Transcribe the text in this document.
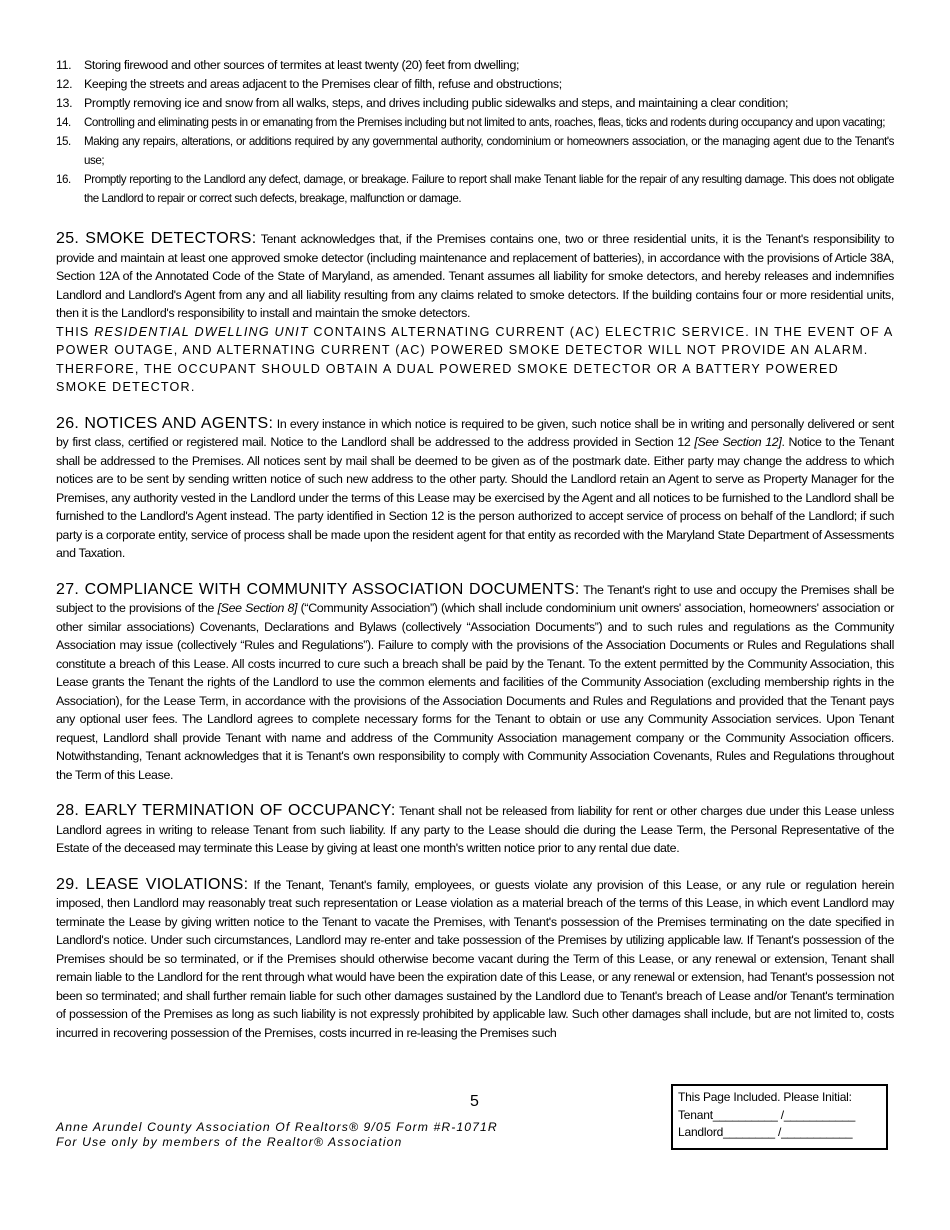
11.	Storing firewood and other sources of termites at least twenty (20) feet from dwelling;
12. Keeping the streets and areas adjacent to the Premises clear of filth, refuse and obstructions;
13. Promptly removing ice and snow from all walks, steps, and drives including public sidewalks and steps, and maintaining a clear condition;
14.	Controlling and eliminating pests in or emanating from the Premises including but not limited to ants, roaches, fleas, ticks and rodents during occupancy and upon vacating;
15.	Making any repairs, alterations, or additions required by any governmental authority, condominium or homeowners association, or the managing agent due to the Tenant's use;
16.	Promptly reporting to the Landlord any defect, damage, or breakage. Failure to report shall make Tenant liable for the repair of any resulting damage. This does not obligate the Landlord to repair or correct such defects, breakage, malfunction or damage.

25. SMOKE DETECTORS: Tenant acknowledges that, if the Premises contains one, two or three residential units, it is the Tenant's responsibility to provide and maintain at least one approved smoke detector (including maintenance and replacement of batteries), in accordance with the provisions of Article 38A, Section 12A of the Annotated Code of the State of Maryland, as amended. Tenant assumes all liability for smoke detectors, and hereby releases and indemnifies Landlord and Landlord's Agent from any and all liability resulting from any claims related to smoke detectors. If the building contains four or more residential units, then it is the Landlord's responsibility to install and maintain the smoke detectors.
THIS RESIDENTIAL DWELLING UNIT CONTAINS ALTERNATING CURRENT (AC) ELECTRIC SERVICE. IN THE EVENT OF A POWER OUTAGE, AND ALTERNATING CURRENT (AC) POWERED SMOKE DETECTOR WILL NOT PROVIDE AN ALARM. THERFORE, THE OCCUPANT SHOULD OBTAIN A DUAL POWERED SMOKE DETECTOR OR A BATTERY POWERED SMOKE DETECTOR.

26. NOTICES AND AGENTS: In every instance in which notice is required to be given, such notice shall be in writing and personally delivered or sent by first class, certified or registered mail. Notice to the Landlord shall be addressed to the address provided in Section 12 [See Section 12]. Notice to the Tenant shall be addressed to the Premises. All notices sent by mail shall be deemed to be given as of the postmark date. Either party may change the address to which notices are to be sent by sending written notice of such new address to the other party. Should the Landlord retain an Agent to serve as Property Manager for the Premises, any authority vested in the Landlord under the terms of this Lease may be exercised by the Agent and all notices to be furnished to the Landlord shall be furnished to the Landlord's Agent instead. The party identified in Section 12 is the person authorized to accept service of process on behalf of the Landlord; if such party is a corporate entity, service of process shall be made upon the resident agent for that entity as recorded with the Maryland State Department of Assessments and Taxation.

27. COMPLIANCE WITH COMMUNITY ASSOCIATION DOCUMENTS: The Tenant's right to use and occupy the Premises shall be subject to the provisions of the [See Section 8] (“Community Association”) (which shall include condominium unit owners' association, homeowners' association or other similar associations) Covenants, Declarations and Bylaws (collectively “Association Documents”) and to such rules and regulations as the Community Association may issue (collectively “Rules and Regulations”). Failure to comply with the provisions of the Association Documents or Rules and Regulations shall constitute a breach of this Lease. All costs incurred to cure such a breach shall be paid by the Tenant. To the extent permitted by the Community Association, this Lease grants the Tenant the rights of the Landlord to use the common elements and facilities of the Community Association (excluding membership rights in the Association), for the Lease Term, in accordance with the provisions of the Association Documents and Rules and Regulations and provided that the Tenant pays any optional user fees. The Landlord agrees to complete necessary forms for the Tenant to obtain or use any Community Association services. Upon Tenant request, Landlord shall provide Tenant with name and address of the Community Association management company or the Community Association officers. Notwithstanding, Tenant acknowledges that it is Tenant's own responsibility to comply with Community Association Covenants, Rules and Regulations throughout the Term of this Lease.

28. EARLY TERMINATION OF OCCUPANCY: Tenant shall not be released from liability for rent or other charges due under this Lease unless Landlord agrees in writing to release Tenant from such liability. If any party to the Lease should die during the Lease Term, the Personal Representative of the Estate of the deceased may terminate this Lease by giving at least one month's written notice prior to any rental due date.

29. LEASE VIOLATIONS: If the Tenant, Tenant's family, employees, or guests violate any provision of this Lease, or any rule or regulation herein imposed, then Landlord may reasonably treat such representation or Lease violation as a material breach of the terms of this Lease, in which event Landlord may terminate the Lease by giving written notice to the Tenant to vacate the Premises, with Tenant's possession of the Premises terminating on the date specified in Landlord's notice. Under such circumstances, Landlord may re-enter and take possession of the Premises by utilizing applicable law. If Tenant's possession of the Premises should be so terminated, or if the Premises should otherwise become vacant during the Term of this Lease, or any renewal or extension, Tenant shall remain liable to the Landlord for the rent through what would have been the expiration date of this Lease, or any renewal or extension, had Tenant's possession not been so terminated; and shall further remain liable for such other damages sustained by the Landlord due to Tenant's breach of Lease and/or Tenant's termination of possession of the Premises as long as such liability is not expressly prohibited by applicable law. Such other damages shall include, but are not limited to, costs incurred in recovering possession of the Premises, costs incurred in re-leasing the Premises such

5
Anne Arundel County Association Of Realtors® 9/05 Form #R-1071R
For Use only by members of the Realtor® Association
This Page Included. Please Initial:
Tenant__________ /___________
Landlord________ /___________
